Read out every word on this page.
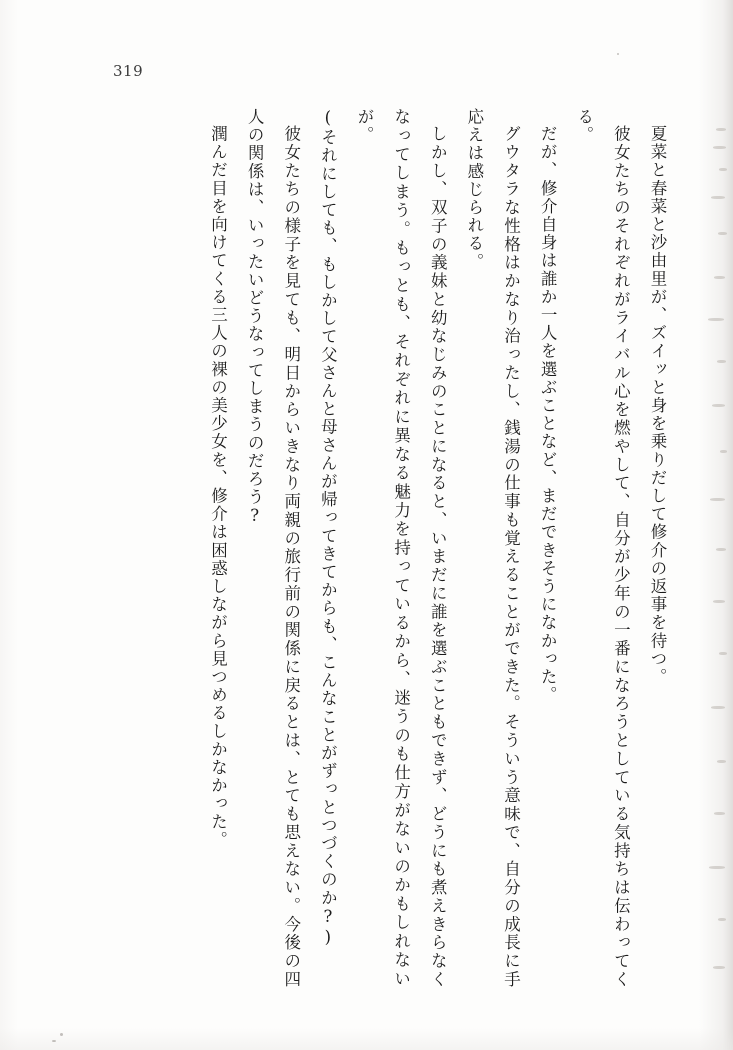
319
夏菜と春菜と沙由里が、ズイッと身を乗りだして修介の返事を待つ。
彼女たちのそれぞれがライバル心を燃やして、自分が少年の一番になろうとしている気持ちは伝わってくる。
だが、修介自身は誰か一人を選ぶことなど、まだできそうになかった。
グウタラな性格はかなり治ったし、銭湯の仕事も覚えることができた。そういう意味で、自分の成長に手応えは感じられる。
しかし、双子の義妹と幼なじみのことになると、いまだに誰を選ぶこともできず、どうにも煮えきらなくなってしまう。もっとも、それぞれに異なる魅力を持っているから、迷うのも仕方がないのかもしれないが。
(それにしても、もしかして父さんと母さんが帰ってきてからも、こんなことがずっとつづくのか?)
彼女たちの様子を見ても、明日からいきなり両親の旅行前の関係に戻るとは、とても思えない。今後の四人の関係は、いったいどうなってしまうのだろう?
潤んだ目を向けてくる三人の裸の美少女を、修介は困惑しながら見つめるしかなかった。
